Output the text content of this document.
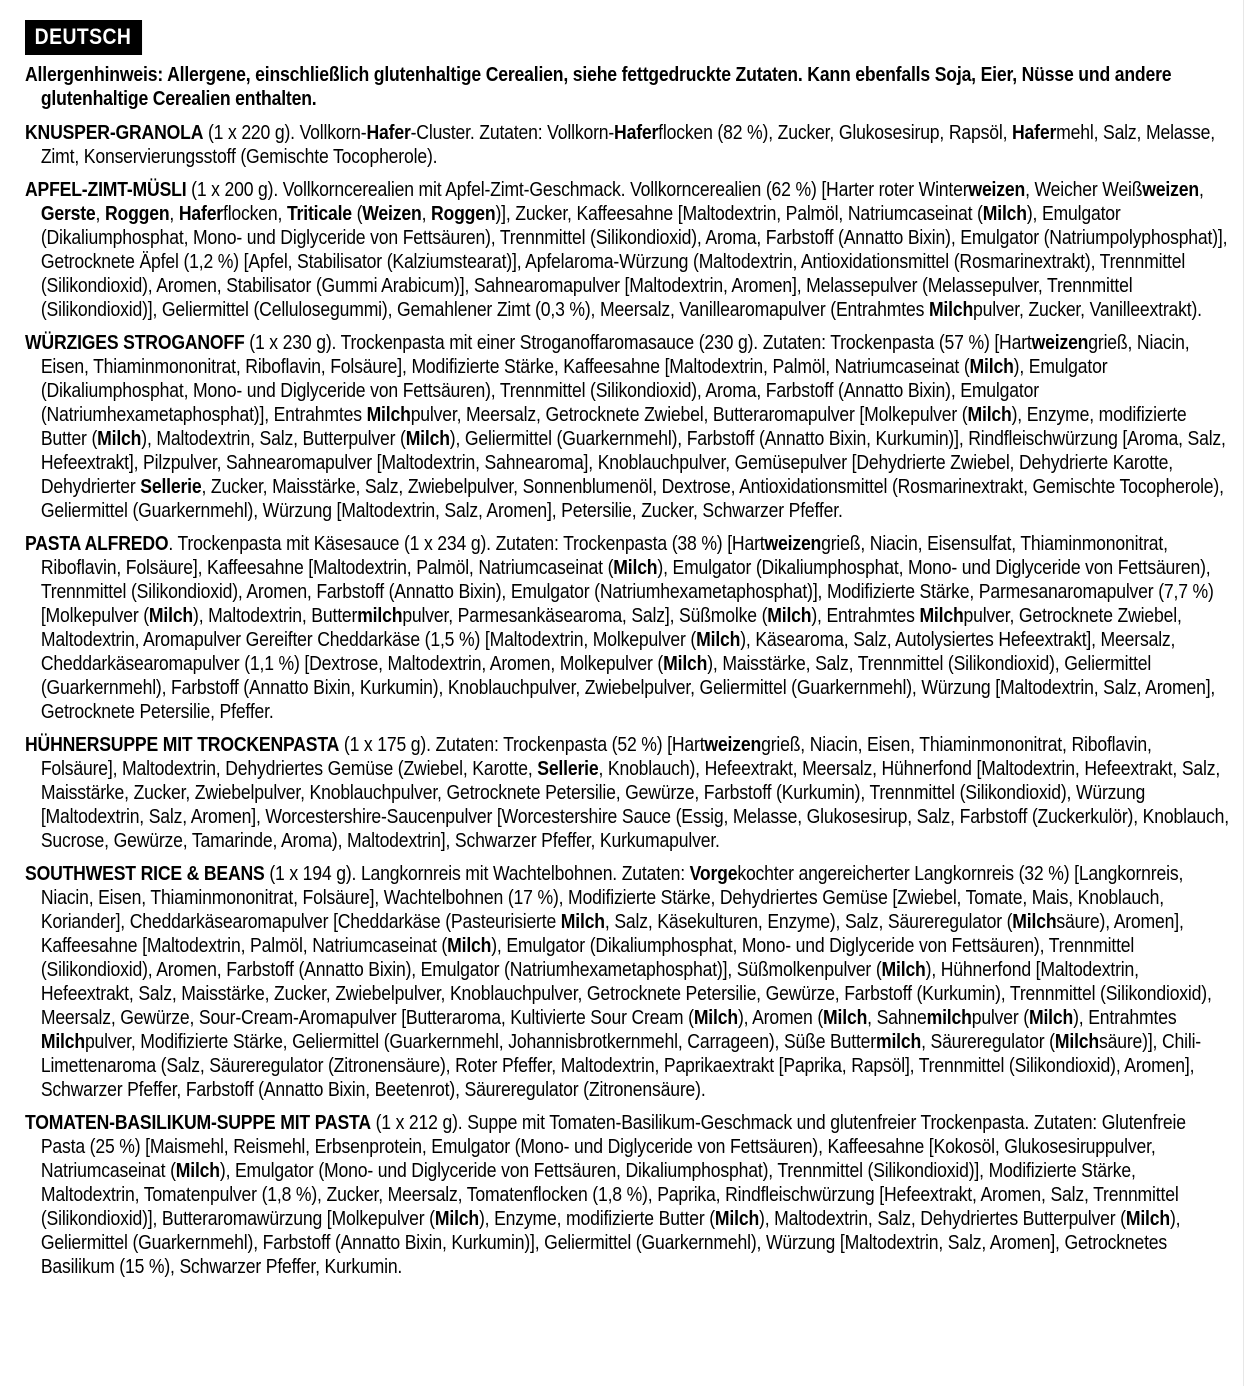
DEUTSCH

Allergenhinweis: Allergene, einschließlich glutenhaltige Cerealien, siehe fettgedruckte Zutaten. Kann ebenfalls Soja, Eier, Nüsse und andere glutenhaltige Cerealien enthalten.

KNUSPER-GRANOLA (1 x 220 g). Vollkorn-Hafer-Cluster. Zutaten: Vollkorn-Haferflocken (82 %), Zucker, Glukosesirup, Rapsöl, Hafermehl, Salz, Melasse, Zimt, Konservierungsstoff (Gemischte Tocopherole).

APFEL-ZIMT-MÜSLI (1 x 200 g). Vollkorncerealien mit Apfel-Zimt-Geschmack. Vollkorncerealien (62 %) [Harter roter Winterweizen, Weicher Weißweizen, Gerste, Roggen, Haferflocken, Triticale (Weizen, Roggen)], Zucker, Kaffeesahne [Maltodextrin, Palmöl, Natriumcaseinat (Milch), Emulgator (Dikaliumphosphat, Mono- und Diglyceride von Fettsäuren), Trennmittel (Silikondioxid), Aroma, Farbstoff (Annatto Bixin), Emulgator (Natriumpolyphosphat)], Getrocknete Äpfel (1,2 %) [Apfel, Stabilisator (Kalziumstearat)], Apfelaroma-Würzung (Maltodextrin, Antioxidationsmittel (Rosmarinextrakt), Trennmittel (Silikondioxid), Aromen, Stabilisator (Gummi Arabicum)], Sahnearomapulver [Maltodextrin, Aromen], Melassepulver (Melassepulver, Trennmittel (Silikondioxid)], Geliermittel (Cellulosegummi), Gemahlener Zimt (0,3 %), Meersalz, Vanillearomapulver (Entrahmtes Milchpulver, Zucker, Vanilleextrakt).

WÜRZIGES STROGANOFF (1 x 230 g). Trockenpasta mit einer Stroganoffaromasauce (230 g). Zutaten: Trockenpasta (57 %) [Hartweizengrieß, Niacin, Eisen, Thiaminmononitrat, Riboflavin, Folsäure], Modifizierte Stärke, Kaffeesahne [Maltodextrin, Palmöl, Natriumcaseinat (Milch), Emulgator (Dikaliumphosphat, Mono- und Diglyceride von Fettsäuren), Trennmittel (Silikondioxid), Aroma, Farbstoff (Annatto Bixin), Emulgator (Natriumhexametaphosphat)], Entrahmtes Milchpulver, Meersalz, Getrocknete Zwiebel, Butteraromapulver [Molkepulver (Milch), Enzyme, modifizierte Butter (Milch), Maltodextrin, Salz, Butterpulver (Milch), Geliermittel (Guarkernmehl), Farbstoff (Annatto Bixin, Kurkumin)], Rindfleischwürzung [Aroma, Salz, Hefeextrakt], Pilzpulver, Sahnearomapulver [Maltodextrin, Sahnearoma], Knoblauchpulver, Gemüsepulver [Dehydrierte Zwiebel, Dehydrierte Karotte, Dehydrierter Sellerie, Zucker, Maisstärke, Salz, Zwiebelpulver, Sonnenblumenöl, Dextrose, Antioxidationsmittel (Rosmarinextrakt, Gemischte Tocopherole), Geliermittel (Guarkernmehl), Würzung [Maltodextrin, Salz, Aromen], Petersilie, Zucker, Schwarzer Pfeffer.

PASTA ALFREDO. Trockenpasta mit Käsesauce (1 x 234 g). Zutaten: Trockenpasta (38 %) [Hartweizengrieß, Niacin, Eisensulfat, Thiaminmononitrat, Riboflavin, Folsäure], Kaffeesahne [Maltodextrin, Palmöl, Natriumcaseinat (Milch), Emulgator (Dikaliumphosphat, Mono- und Diglyceride von Fettsäuren), Trennmittel (Silikondioxid), Aromen, Farbstoff (Annatto Bixin), Emulgator (Natriumhexametaphosphat)], Modifizierte Stärke, Parmesanaromapulver (7,7 %) [Molkepulver (Milch), Maltodextrin, Buttermilchpulver, Parmesankäsearoma, Salz], Süßmolke (Milch), Entrahmtes Milchpulver, Getrocknete Zwiebel, Maltodextrin, Aromapulver Gereifter Cheddarkäse (1,5 %) [Maltodextrin, Molkepulver (Milch), Käsearoma, Salz, Autolysiertes Hefeextrakt], Meersalz, Cheddarkäsearomapulver (1,1 %) [Dextrose, Maltodextrin, Aromen, Molkepulver (Milch), Maisstärke, Salz, Trennmittel (Silikondioxid), Geliermittel (Guarkernmehl), Farbstoff (Annatto Bixin, Kurkumin), Knoblauchpulver, Zwiebelpulver, Geliermittel (Guarkernmehl), Würzung [Maltodextrin, Salz, Aromen], Getrocknete Petersilie, Pfeffer.

HÜHNERSUPPE MIT TROCKENPASTA (1 x 175 g). Zutaten: Trockenpasta (52 %) [Hartweizengrieß, Niacin, Eisen, Thiaminmononitrat, Riboflavin, Folsäure], Maltodextrin, Dehydriertes Gemüse (Zwiebel, Karotte, Sellerie, Knoblauch), Hefeextrakt, Meersalz, Hühnerfond [Maltodextrin, Hefeextrakt, Salz, Maisstärke, Zucker, Zwiebelpulver, Knoblauchpulver, Getrocknete Petersilie, Gewürze, Farbstoff (Kurkumin), Trennmittel (Silikondioxid), Würzung [Maltodextrin, Salz, Aromen], Worcestershire-Saucenpulver [Worcestershire Sauce (Essig, Melasse, Glukosesirup, Salz, Farbstoff (Zuckerkulör), Knoblauch, Sucrose, Gewürze, Tamarinde, Aroma), Maltodextrin], Schwarzer Pfeffer, Kurkumapulver.

SOUTHWEST RICE & BEANS (1 x 194 g). Langkornreis mit Wachtelbohnen. Zutaten: Vorgekochter angereicherter Langkornreis (32 %) [Langkornreis, Niacin, Eisen, Thiaminmononitrat, Folsäure], Wachtelbohnen (17 %), Modifizierte Stärke, Dehydriertes Gemüse [Zwiebel, Tomate, Mais, Knoblauch, Koriander], Cheddarkäsearomapulver [Cheddarkäse (Pasteurisierte Milch, Salz, Käsekulturen, Enzyme), Salz, Säureregulator (Milchsäure), Aromen], Kaffeesahne [Maltodextrin, Palmöl, Natriumcaseinat (Milch), Emulgator (Dikaliumphosphat, Mono- und Diglyceride von Fettsäuren), Trennmittel (Silikondioxid), Aromen, Farbstoff (Annatto Bixin), Emulgator (Natriumhexametaphosphat)], Süßmolkenpulver (Milch), Hühnerfond [Maltodextrin, Hefeextrakt, Salz, Maisstärke, Zucker, Zwiebelpulver, Knoblauchpulver, Getrocknete Petersilie, Gewürze, Farbstoff (Kurkumin), Trennmittel (Silikondioxid), Meersalz, Gewürze, Sour-Cream-Aromapulver [Butteraroma, Kultivierte Sour Cream (Milch), Aromen (Milch, Sahnemilchpulver (Milch), Entrahmtes Milchpulver, Modifizierte Stärke, Geliermittel (Guarkernmehl, Johannisbrotkernmehl, Carrageen), Süße Buttermilch, Säureregulator (Milchsäure)], Chili-Limettenaroma (Salz, Säureregulator (Zitronensäure), Roter Pfeffer, Maltodextrin, Paprikaextrakt [Paprika, Rapsöl], Trennmittel (Silikondioxid), Aromen], Schwarzer Pfeffer, Farbstoff (Annatto Bixin, Beetenrot), Säureregulator (Zitronensäure).

TOMATEN-BASILIKUM-SUPPE MIT PASTA (1 x 212 g). Suppe mit Tomaten-Basilikum-Geschmack und glutenfreier Trockenpasta. Zutaten: Glutenfreie Pasta (25 %) [Maismehl, Reismehl, Erbsenprotein, Emulgator (Mono- und Diglyceride von Fettsäuren), Kaffeesahne [Kokosöl, Glukosesiruppulver, Natriumcaseinat (Milch), Emulgator (Mono- und Diglyceride von Fettsäuren, Dikaliumphosphat), Trennmittel (Silikondioxid)], Modifizierte Stärke, Maltodextrin, Tomatenpulver (1,8 %), Zucker, Meersalz, Tomatenflocken (1,8 %), Paprika, Rindfleischwürzung [Hefeextrakt, Aromen, Salz, Trennmittel (Silikondioxid)], Butteraromawürzung [Molkepulver (Milch), Enzyme, modifizierte Butter (Milch), Maltodextrin, Salz, Dehydriertes Butterpulver (Milch), Geliermittel (Guarkernmehl), Farbstoff (Annatto Bixin, Kurkumin)], Geliermittel (Guarkernmehl), Würzung [Maltodextrin, Salz, Aromen], Getrocknetes Basilikum (15 %), Schwarzer Pfeffer, Kurkumin.
